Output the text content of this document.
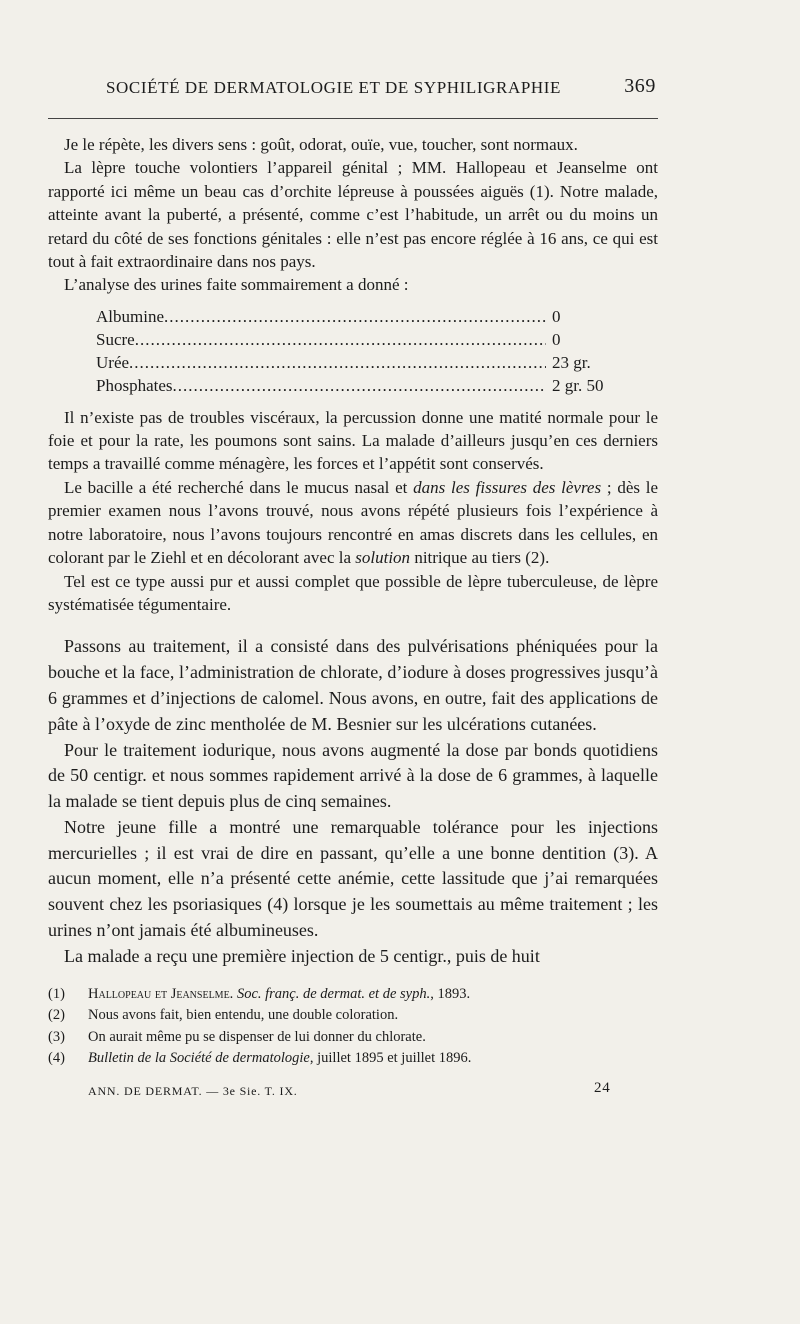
SOCIÉTÉ DE DERMATOLOGIE ET DE SYPHILIGRAPHIE	369

Je le répète, les divers sens : goût, odorat, ouïe, vue, toucher, sont normaux.

La lèpre touche volontiers l’appareil génital ; MM. Hallopeau et Jeanselme ont rapporté ici même un beau cas d’orchite lépreuse à poussées aiguës (1). Notre malade, atteinte avant la puberté, a présenté, comme c’est l’habitude, un arrêt ou du moins un retard du côté de ses fonctions génitales : elle n’est pas encore réglée à 16 ans, ce qui est tout à fait extraordinaire dans nos pays.

L’analyse des urines faite sommairement a donné :

Albumine .....	0
Sucre .....	0
Urée .....	23 gr.
Phosphates .....	2 gr. 50

Il n’existe pas de troubles viscéraux, la percussion donne une matité normale pour le foie et pour la rate, les poumons sont sains. La malade d’ailleurs jusqu’en ces derniers temps a travaillé comme ménagère, les forces et l’appétit sont conservés.

Le bacille a été recherché dans le mucus nasal et dans les fissures des lèvres ; dès le premier examen nous l’avons trouvé, nous avons répété plusieurs fois l’expérience à notre laboratoire, nous l’avons toujours rencontré en amas discrets dans les cellules, en colorant par le Ziehl et en décolorant avec la solution nitrique au tiers (2).

Tel est ce type aussi pur et aussi complet que possible de lèpre tuberculeuse, de lèpre systématisée tégumentaire.

Passons au traitement, il a consisté dans des pulvérisations phéniquées pour la bouche et la face, l’administration de chlorate, d’iodure à doses progressives jusqu’à 6 grammes et d’injections de calomel. Nous avons, en outre, fait des applications de pâte à l’oxyde de zinc mentholée de M. Besnier sur les ulcérations cutanées.

Pour le traitement iodurique, nous avons augmenté la dose par bonds quotidiens de 50 centigr. et nous sommes rapidement arrivé à la dose de 6 grammes, à laquelle la malade se tient depuis plus de cinq semaines.

Notre jeune fille a montré une remarquable tolérance pour les injections mercurielles ; il est vrai de dire en passant, qu’elle a une bonne dentition (3). A aucun moment, elle n’a présenté cette anémie, cette lassitude que j’ai remarquées souvent chez les psoriasiques (4) lorsque je les soumettais au même traitement ; les urines n’ont jamais été albumineuses.

La malade a reçu une première injection de 5 centigr., puis de huit

(1) Hallopeau et Jeanselme. Soc. franç. de dermat. et de syph., 1893.
(2) Nous avons fait, bien entendu, une double coloration.
(3) On aurait même pu se dispenser de lui donner du chlorate.
(4) Bulletin de la Société de dermatologie, juillet 1895 et juillet 1896.
ANN. DE DERMAT. — 3e Sie. T. IX.	24
